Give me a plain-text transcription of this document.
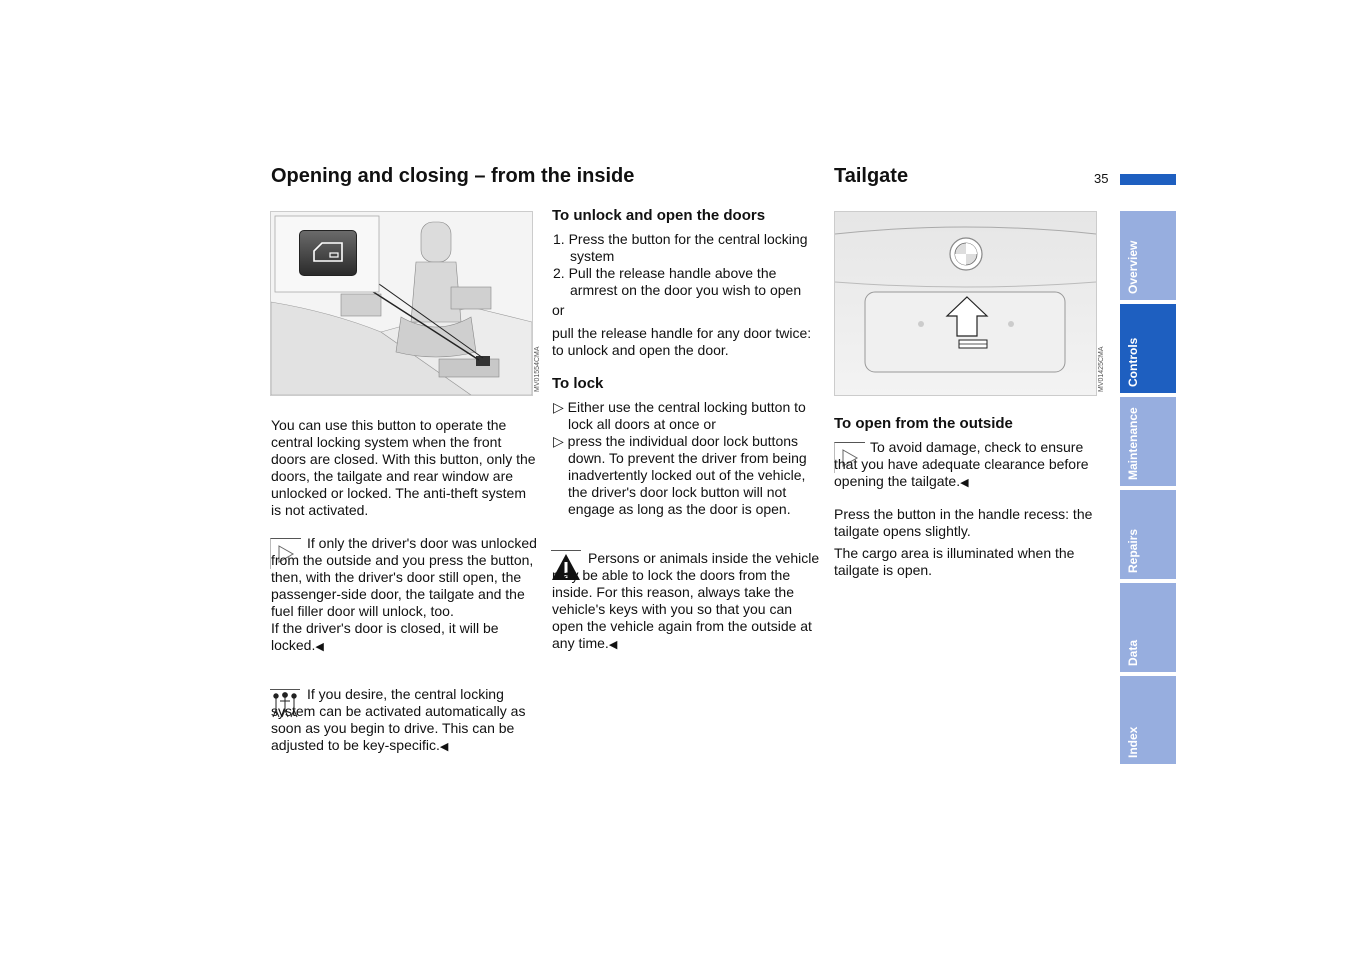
Opening and closing – from the inside	Tailgate	35
Overview
Controls
Maintenance
Repairs
Data
Index
MV01554CMA

You can use this button to operate the central locking system when the front doors are closed. With this button, only the doors, the tailgate and rear window are unlocked or locked. The anti-theft system is not activated.

If only the driver's door was unlocked from the outside and you press the button, then, with the driver's door still open, the passenger-side door, the tailgate and the fuel filler door will unlock, too.
If the driver's door is closed, it will be locked.◀
If you desire, the central locking system can be activated automatically as soon as you begin to drive. This can be adjusted to be key-specific.◀
To unlock and open the doors
1. Press the button for the central locking system
2. Pull the release handle above the armrest on the door you wish to open

or

pull the release handle for any door twice: to unlock and open the door.

To lock
▷ Either use the central locking button to lock all doors at once or
▷ press the individual door lock buttons down. To prevent the driver from being inadvertently locked out of the vehicle, the driver's door lock button will not engage as long as the door is open.
Persons or animals inside the vehicle may be able to lock the doors from the inside. For this reason, always take the vehicle's keys with you so that you can open the vehicle again from the outside at any time.◀
MV01425CMA
To open from the outside
To avoid damage, check to ensure that you have adequate clearance before opening the tailgate.◀

Press the button in the handle recess: the tailgate opens slightly.

The cargo area is illuminated when the tailgate is open.
